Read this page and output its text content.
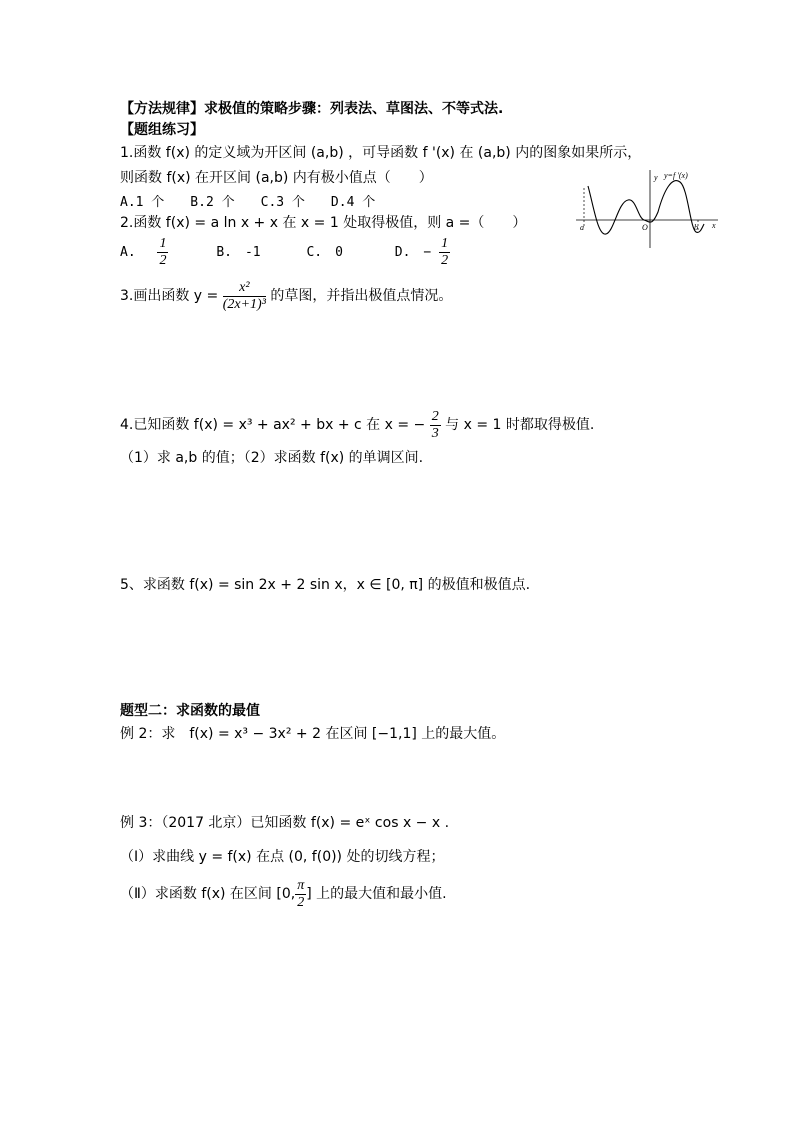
【方法规律】求极值的策略步骤：列表法、草图法、不等式法.
【题组练习】
1.函数 f(x) 的定义域为开区间 (a,b) ，可导函数 f '(x) 在 (a,b) 内的图象如果所示，
则函数 f(x) 在开区间 (a,b) 内有极小值点（　　）
A.1 个　　B.2 个　　C.3 个　　D.4 个
y=f '(x)
y
a	O	b x
2.函数 f(x) = a ln x + x 在 x = 1 处取得极值，则 a =（　　）
A. $\frac{1}{2}$	B.　-1	C.　0	D.　− $\frac{1}{2}$
3.画出函数 $y = \frac{\text{x²}}{\text{(2x+1)³}}$ 的草图，并指出极值点情况。
4.已知函数 f(x) = x³ + ax² + bx + c 在 x = − $\frac{2}{3}$ 与 x = 1 时都取得极值.
（1）求 a,b 的值；（2）求函数 f(x) 的单调区间.
5、求函数 f(x) = sin 2x + 2 sin x，x ∈ [0, π] 的极值和极值点.
题型二：求函数的最值
例 2：求　f(x) = x³ − 3x² + 2 在区间 [−1,1] 上的最大值。
例 3：（2017 北京）已知函数 f(x) = eˣ cos x − x .
（Ⅰ）求曲线 y = f(x) 在点 (0, f(0)) 处的切线方程；
（Ⅱ）求函数 f(x) 在区间 [0, $\frac{\pi}{2}$ ] 上的最大值和最小值.
